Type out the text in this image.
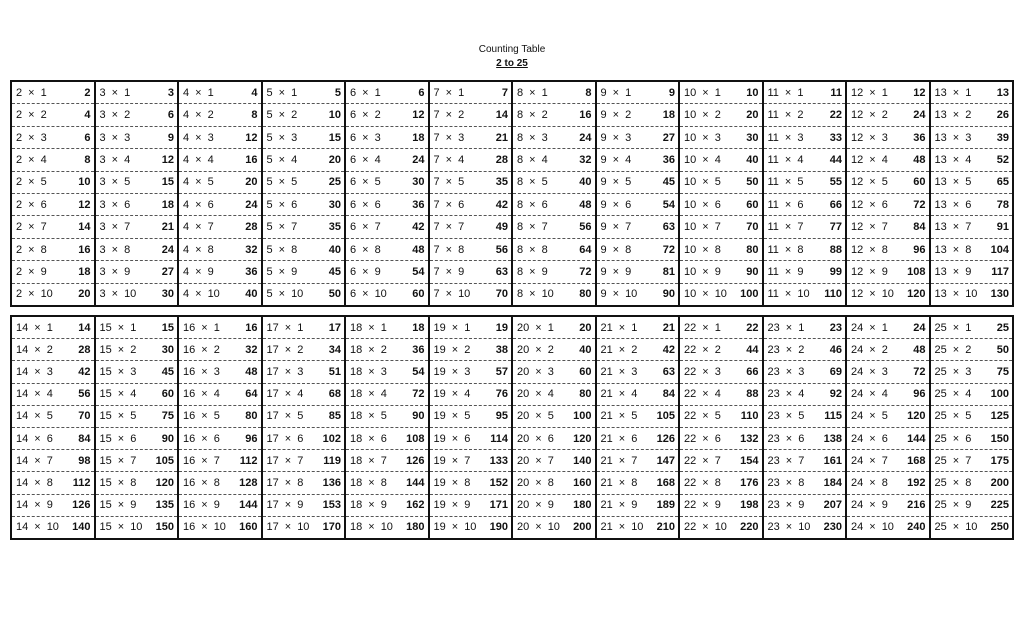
Counting Table
2 to 25
2 × 1	2
2 × 2	4
2 × 3	6
2 × 4	8
2 × 5	10
2 × 6	12
2 × 7	14
2 × 8	16
2 × 9	18
2 × 10 20
3 × 1	3
3 × 2	6
3 × 3	9
3 × 4	12
3 × 5	15
3 × 6	18
3 × 7	21
3 × 8	24
3 × 9	27
3 × 10 30
4 × 1	4
4 × 2	8
4 × 3	12
4 × 4	16
4 × 5	20
4 × 6	24
4 × 7	28
4 × 8	32
4 × 9	36
4 × 10 40
5 × 1	5
5 × 2	10
5 × 3	15
5 × 4	20
5 × 5	25
5 × 6	30
5 × 7	35
5 × 8	40
5 × 9	45
5 × 10 50
6 × 1	6
6 × 2	12
6 × 3	18
6 × 4	24
6 × 5	30
6 × 6	36
6 × 7	42
6 × 8	48
6 × 9	54
6 × 10 60
7 × 1	7
7 × 2	14
7 × 3	21
7 × 4	28
7 × 5	35
7 × 6	42
7 × 7	49
7 × 8	56
7 × 9	63
7 × 10 70
8 × 1	8
8 × 2	16
8 × 3	24
8 × 4	32
8 × 5	40
8 × 6	48
8 × 7	56
8 × 8	64
8 × 9	72
8 × 10 80
9 × 1	9
9 × 2	18
9 × 3	27
9 × 4	36
9 × 5	45
9 × 6	54
9 × 7	63
9 × 8	72
9 × 9	81
9 × 10 90
10 × 1 10
10 × 2 20
10 × 3 30
10 × 4 40
10 × 5 50
10 × 6 60
10 × 7 70
10 × 8 80
10 × 9 90
10 × 10 100
11 × 1 11
11 × 2 22
11 × 3 33
11 × 4 44
11 × 5 55
11 × 6 66
11 × 7 77
11 × 8 88
11 × 9 99
11 × 10 110
12 × 1 12
12 × 2 24
12 × 3 36
12 × 4 48
12 × 5 60
12 × 6 72
12 × 7 84
12 × 8 96
12 × 9 108
12 × 10 120
13 × 1 13
13 × 2 26
13 × 3 39
13 × 4 52
13 × 5 65
13 × 6 78
13 × 7 91
13 × 8 104
13 × 9 117
13 × 10 130
14 × 1 14
14 × 2 28
14 × 3 42
14 × 4 56
14 × 5 70
14 × 6 84
14 × 7 98
14 × 8 112
14 × 9 126
14 × 10 140
15 × 1 15
15 × 2 30
15 × 3 45
15 × 4 60
15 × 5 75
15 × 6 90
15 × 7 105
15 × 8 120
15 × 9 135
15 × 10 150
16 × 1 16
16 × 2 32
16 × 3 48
16 × 4 64
16 × 5 80
16 × 6 96
16 × 7 112
16 × 8 128
16 × 9 144
16 × 10 160
17 × 1 17
17 × 2 34
17 × 3 51
17 × 4 68
17 × 5 85
17 × 6 102
17 × 7 119
17 × 8 136
17 × 9 153
17 × 10 170
18 × 1 18
18 × 2 36
18 × 3 54
18 × 4 72
18 × 5 90
18 × 6 108
18 × 7 126
18 × 8 144
18 × 9 162
18 × 10 180
19 × 1 19
19 × 2 38
19 × 3 57
19 × 4 76
19 × 5 95
19 × 6 114
19 × 7 133
19 × 8 152
19 × 9 171
19 × 10 190
20 × 1 20
20 × 2 40
20 × 3 60
20 × 4 80
20 × 5 100
20 × 6 120
20 × 7 140
20 × 8 160
20 × 9 180
20 × 10 200
21 × 1 21
21 × 2 42
21 × 3 63
21 × 4 84
21 × 5 105
21 × 6 126
21 × 7 147
21 × 8 168
21 × 9 189
21 × 10 210
22 × 1 22
22 × 2 44
22 × 3 66
22 × 4 88
22 × 5 110
22 × 6 132
22 × 7 154
22 × 8 176
22 × 9 198
22 × 10 220
23 × 1 23
23 × 2 46
23 × 3 69
23 × 4 92
23 × 5 115
23 × 6 138
23 × 7 161
23 × 8 184
23 × 9 207
23 × 10 230
24 × 1 24
24 × 2 48
24 × 3 72
24 × 4 96
24 × 5 120
24 × 6 144
24 × 7 168
24 × 8 192
24 × 9 216
24 × 10 240
25 × 1 25
25 × 2 50
25 × 3 75
25 × 4 100
25 × 5 125
25 × 6 150
25 × 7 175
25 × 8 200
25 × 9 225
25 × 10 250
